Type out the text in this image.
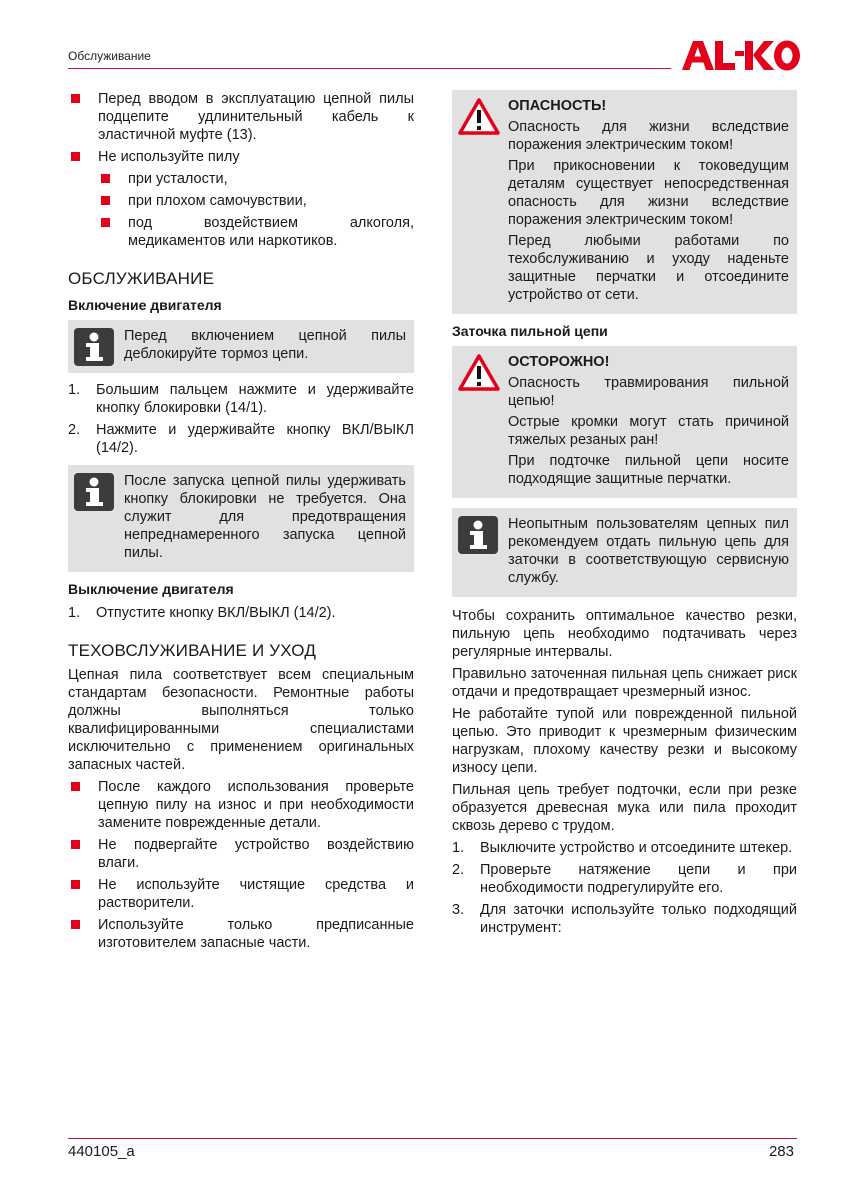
Обслуживание
Перед вводом в эксплуатацию цепной пилы подцепите удлинительный кабель к эластичной муфте (13).
Не используйте пилу
при усталости,
при плохом самочувствии,
под воздействием алкоголя, медикаментов или наркотиков.
ОБСЛУЖИВАНИЕ
Включение двигателя

Перед включением цепной пилы деблокируйте тормоз цепи.

1. Большим пальцем нажмите и удерживайте кнопку блокировки (14/1).
2. Нажмите и удерживайте кнопку ВКЛ/ВЫКЛ (14/2).

После запуска цепной пилы удерживать кнопку блокировки не требуется. Она служит для предотвращения непреднамеренного запуска цепной пилы.

Выключение двигателя
1. Отпустите кнопку ВКЛ/ВЫКЛ (14/2).
ТЕХОВСЛУЖИВАНИЕ И УХОД

Цепная пила соответствует всем специальным стандартам безопасности. Ремонтные работы должны выполняться только квалифицированными специалистами исключительно с применением оригинальных запасных частей.

После каждого использования проверьте цепную пилу на износ и при необходимости замените поврежденные детали.
Не подвергайте устройство воздействию влаги.
Не используйте чистящие средства и растворители.
Используйте только предписанные изготовителем запасные части.
ОПАСНОСТЬ!

Опасность для жизни вследствие поражения электрическим током!

При прикосновении к токоведущим деталям существует непосредственная опасность для жизни вследствие поражения электрическим током!

Перед любыми работами по техобслуживанию и уходу наденьте защитные перчатки и отсоедините устройство от сети.

Заточка пильной цепи
ОСТОРОЖНО!

Опасность травмирования пильной цепью!

Острые кромки могут стать причиной тяжелых резаных ран!

При подточке пильной цепи носите подходящие защитные перчатки.

Неопытным пользователям цепных пил рекомендуем отдать пильную цепь для заточки в соответствующую сервисную службу.

Чтобы сохранить оптимальное качество резки, пильную цепь необходимо подтачивать через регулярные интервалы.

Правильно заточенная пильная цепь снижает риск отдачи и предотвращает чрезмерный износ.

Не работайте тупой или поврежденной пильной цепью. Это приводит к чрезмерным физическим нагрузкам, плохому качеству резки и высокому износу цепи.

Пильная цепь требует подточки, если при резке образуется древесная мука или пила проходит сквозь дерево с трудом.

1. Выключите устройство и отсоедините штекер.
2. Проверьте натяжение цепи и при необходимости подрегулируйте его.
3. Для заточки используйте только подходящий инструмент:
440105_a	283
